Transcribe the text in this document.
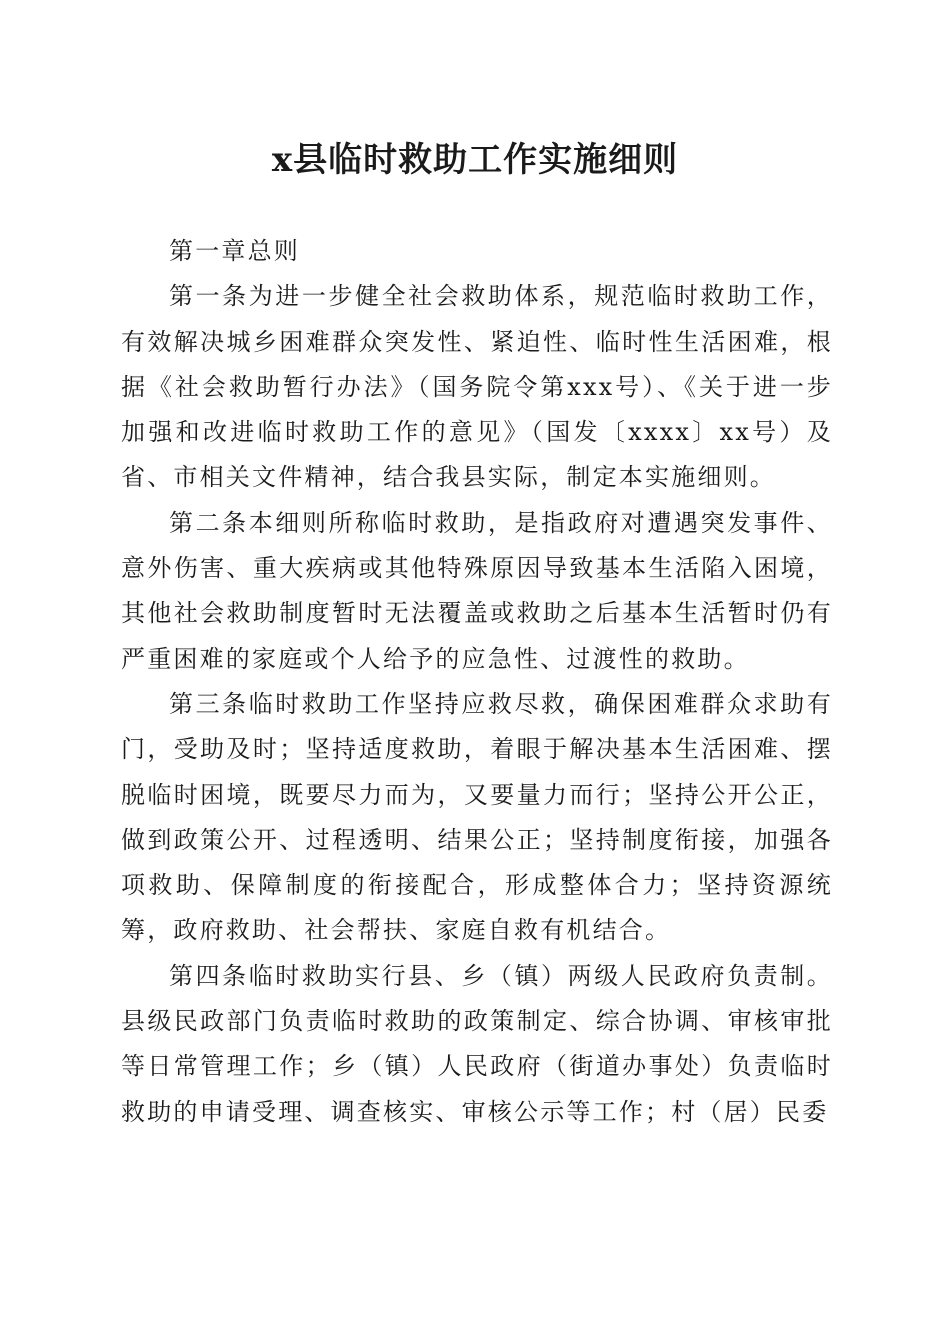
x县临时救助工作实施细则

第一章总则

第一条为进一步健全社会救助体系，规范临时救助工作，有效解决城乡困难群众突发性、紧迫性、临时性生活困难，根据《社会救助暂行办法》（国务院令第xxx号）、《关于进一步加强和改进临时救助工作的意见》（国发〔xxxx〕xx号）及省、市相关文件精神，结合我县实际，制定本实施细则。

第二条本细则所称临时救助，是指政府对遭遇突发事件、意外伤害、重大疾病或其他特殊原因导致基本生活陷入困境，其他社会救助制度暂时无法覆盖或救助之后基本生活暂时仍有严重困难的家庭或个人给予的应急性、过渡性的救助。

第三条临时救助工作坚持应救尽救，确保困难群众求助有门，受助及时；坚持适度救助，着眼于解决基本生活困难、摆脱临时困境，既要尽力而为，又要量力而行；坚持公开公正，做到政策公开、过程透明、结果公正；坚持制度衔接，加强各项救助、保障制度的衔接配合，形成整体合力；坚持资源统筹，政府救助、社会帮扶、家庭自救有机结合。

第四条临时救助实行县、乡（镇）两级人民政府负责制。县级民政部门负责临时救助的政策制定、综合协调、审核审批等日常管理工作；乡（镇）人民政府（街道办事处）负责临时救助的申请受理、调查核实、审核公示等工作；村（居）民委
